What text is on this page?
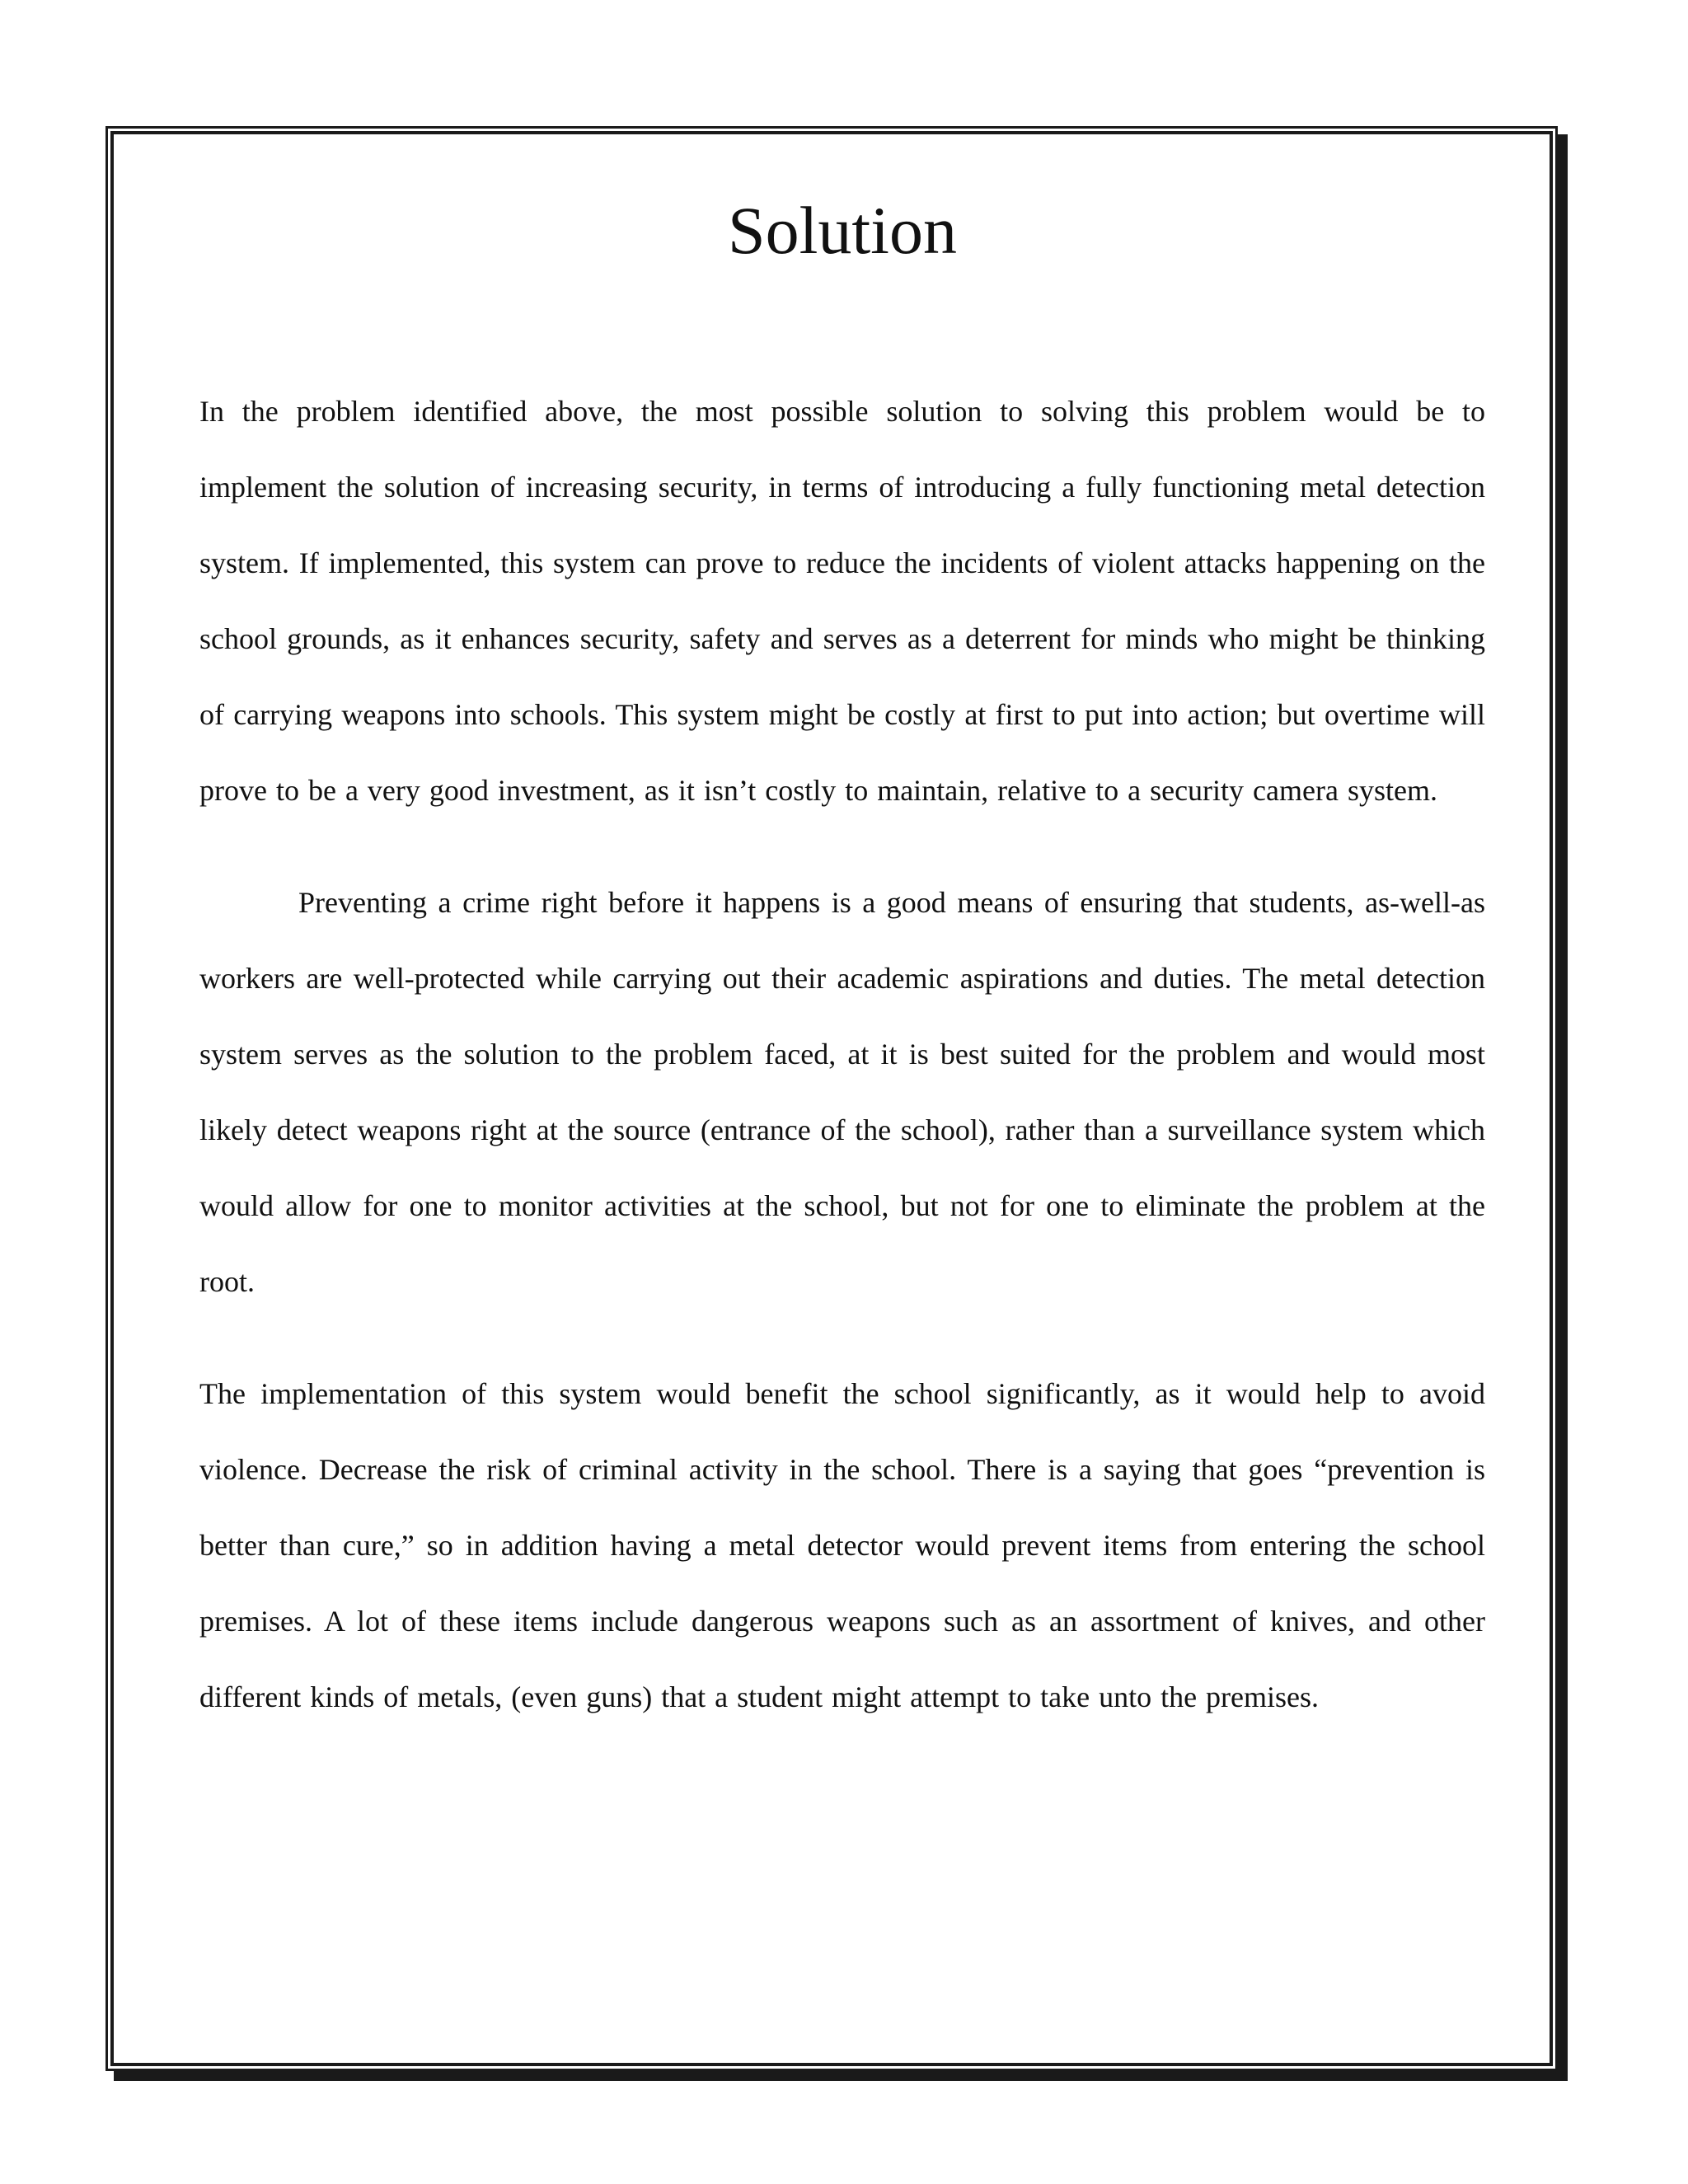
Solution

In the problem identified above, the most possible solution to solving this problem would be to implement the solution of increasing security, in terms of introducing a fully functioning metal detection system. If implemented, this system can prove to reduce the incidents of violent attacks happening on the school grounds, as it enhances security, safety and serves as a deterrent for minds who might be thinking of carrying weapons into schools. This system might be costly at first to put into action; but overtime will prove to be a very good investment, as it isn’t costly to maintain, relative to a security camera system.

Preventing a crime right before it happens is a good means of ensuring that students, as-well-as workers are well-protected while carrying out their academic aspirations and duties. The metal detection system serves as the solution to the problem faced, at it is best suited for the problem and would most likely detect weapons right at the source (entrance of the school), rather than a surveillance system which would allow for one to monitor activities at the school, but not for one to eliminate the problem at the root.

The implementation of this system would benefit the school significantly, as it would help to avoid violence. Decrease the risk of criminal activity in the school. There is a saying that goes “prevention is better than cure,” so in addition having a metal detector would prevent items from entering the school premises. A lot of these items include dangerous weapons such as an assortment of knives, and other different kinds of metals, (even guns) that a student might attempt to take unto the premises.
